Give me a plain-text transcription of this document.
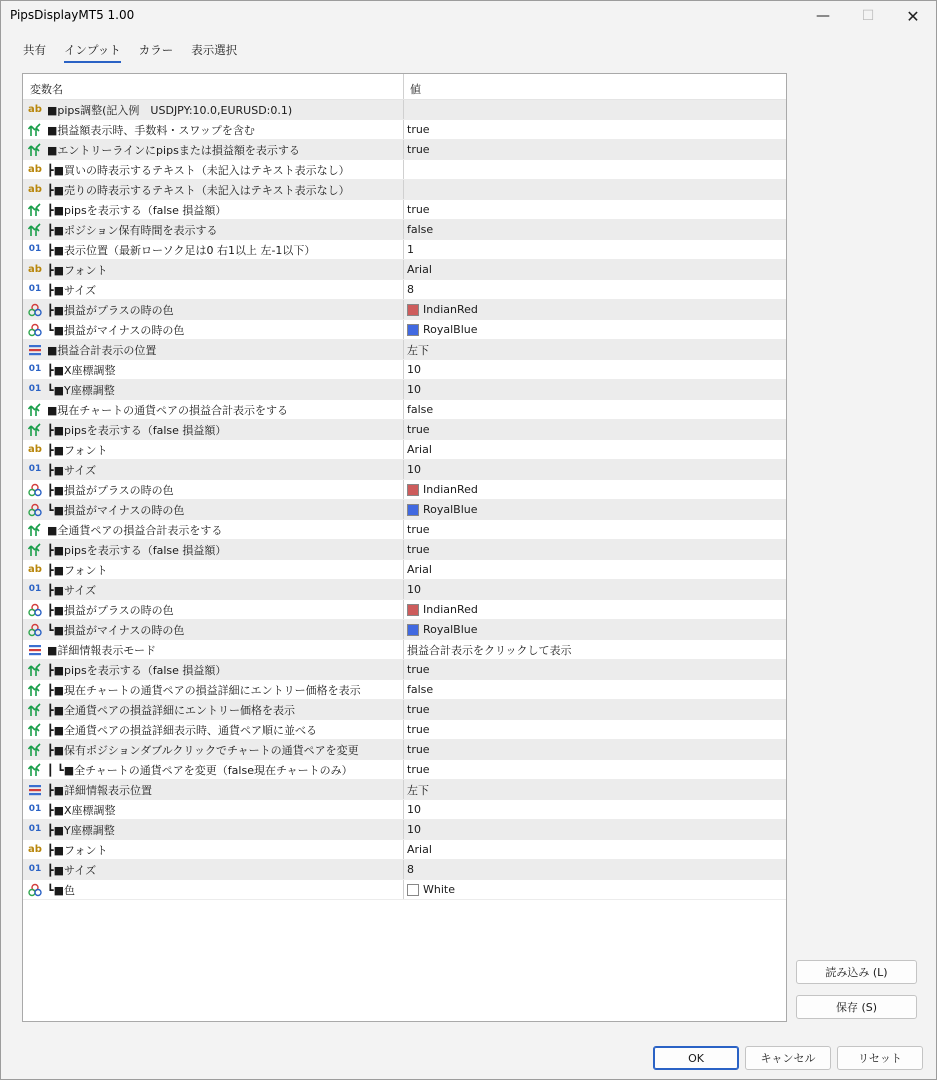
PipsDisplayMT5 1.00	—	☐	✕
共有	インプット	カラー	表示選択
変数名	値
ab ■pips調整(記入例　USDJPY:10.0,EURUSD:0.1)
■損益額表示時、手数料・スワップを含む	true
■エントリーラインにpipsまたは損益額を表示する	true
ab ┣■買いの時表示するテキスト（未記入はテキスト表示なし）
ab ┣■売りの時表示するテキスト（未記入はテキスト表示なし）
┣■pipsを表示する（false 損益額）	true
┣■ポジション保有時間を表示する	false
01 ┣■表示位置（最新ローソク足は0 右1以上 左-1以下）	1
ab ┣■フォント	Arial
01 ┣■サイズ	8
┣■損益がプラスの時の色	IndianRed
┗■損益がマイナスの時の色	RoyalBlue
■損益合計表示の位置	左下
01 ┣■X座標調整	10
01 ┗■Y座標調整	10
■現在チャートの通貨ペアの損益合計表示をする	false
┣■pipsを表示する（false 損益額）	true
ab ┣■フォント	Arial
01 ┣■サイズ	10
┣■損益がプラスの時の色	IndianRed
┗■損益がマイナスの時の色	RoyalBlue
■全通貨ペアの損益合計表示をする	true
┣■pipsを表示する（false 損益額）	true
ab ┣■フォント	Arial
01 ┣■サイズ	10
┣■損益がプラスの時の色	IndianRed
┗■損益がマイナスの時の色	RoyalBlue
■詳細情報表示モード	損益合計表示をクリックして表示
┣■pipsを表示する（false 損益額）	true
┣■現在チャートの通貨ペアの損益詳細にエントリー価格を表示	false
┣■全通貨ペアの損益詳細にエントリー価格を表示	true
┣■全通貨ペアの損益詳細表示時、通貨ペア順に並べる	true
┣■保有ポジションダブルクリックでチャートの通貨ペアを変更	true
┃ ┗■全チャートの通貨ペアを変更（false現在チャートのみ）	true
┣■詳細情報表示位置	左下
01 ┣■X座標調整	10
01 ┣■Y座標調整	10
ab ┣■フォント	Arial
01 ┣■サイズ	8
┗■色	White
読み込み (L)
保存 (S)
OK	キャンセル	リセット
